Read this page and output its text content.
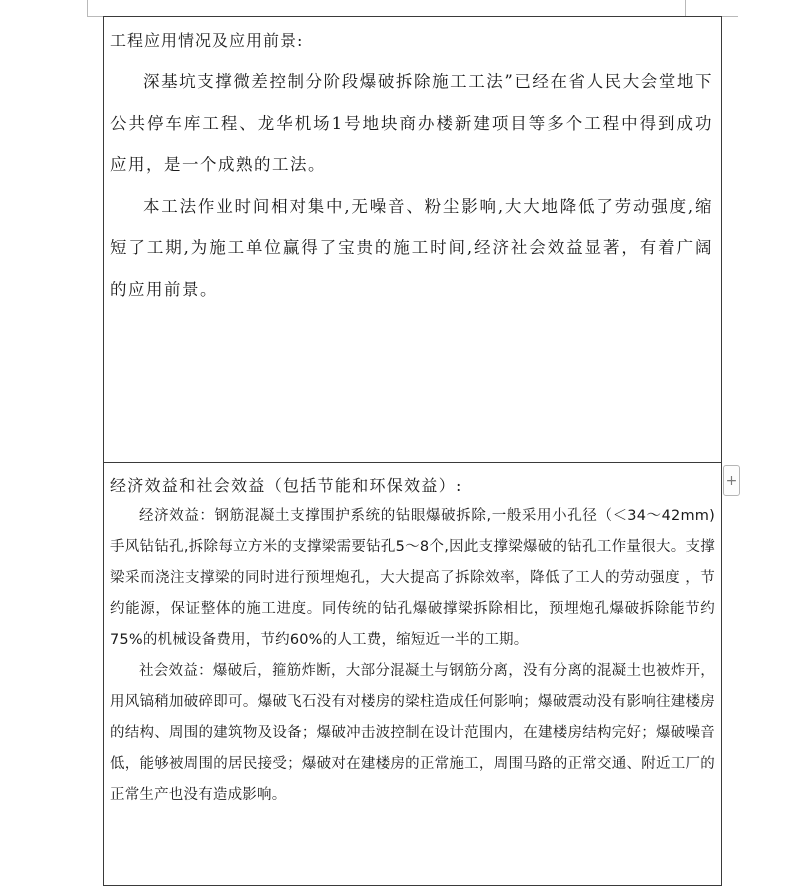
工程应用情况及应用前景:

深基坑支撑微差控制分阶段爆破拆除施工工法”已经在省人民大会堂地下公共停车库工程、龙华机场1号地块商办楼新建项目等多个工程中得到成功应用，是一个成熟的工法。

本工法作业时间相对集中,无噪音、粉尘影响,大大地降低了劳动强度,缩短了工期,为施工单位赢得了宝贵的施工时间,经济社会效益显著，有着广阔的应用前景。

经济效益和社会效益（包括节能和环保效益）:

经济效益：钢筋混凝土支撑围护系统的钻眼爆破拆除,一般采用小孔径（＜34～42mm)手风钻钻孔,拆除每立方米的支撑梁需要钻孔5～8个,因此支撑梁爆破的钻孔工作量很大。支撑梁采而浇注支撑梁的同时进行预埋炮孔，大大提高了拆除效率，降低了工人的劳动强度 ，节约能源，保证整体的施工进度。同传统的钻孔爆破撑梁拆除相比，预埋炮孔爆破拆除能节约75%的机械设备费用，节约60%的人工费，缩短近一半的工期。

社会效益：爆破后，箍筋炸断，大部分混凝土与钢筋分离，没有分离的混凝土也被炸开，用风镐稍加破碎即可。爆破飞石没有对楼房的梁柱造成任何影响；爆破震动没有影响往建楼房的结构、周围的建筑物及设备；爆破冲击波控制在设计范围内，在建楼房结构完好；爆破噪音低，能够被周围的居民接受；爆破对在建楼房的正常施工，周围马路的正常交通、附近工厂的正常生产也没有造成影响。

+
